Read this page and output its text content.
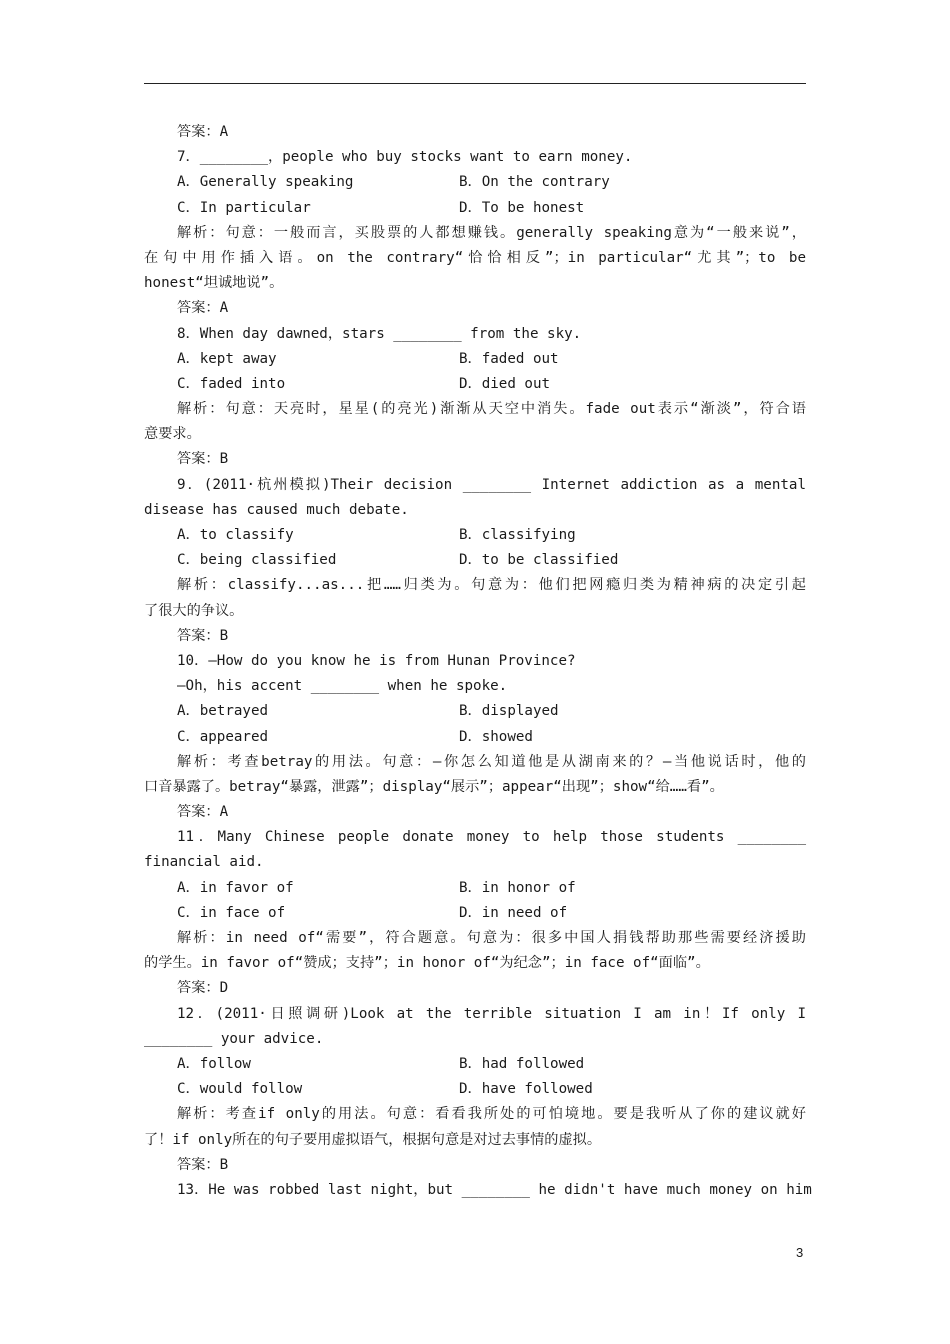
答案：A
7．________，people who buy stocks want to earn money.
A．Generally speaking	B．On the contrary
C．In particular	D．To be honest
解析：句意：一般而言，买股票的人都想赚钱。generally speaking意为“一般来说”，
在句中用作插入语。on the contrary“恰恰相反”；in particular“尤其”；to be
honest“坦诚地说”。
答案：A
8．When day dawned，stars ________ from the sky.
A．kept away	B．faded out
C．faded into	D．died out
解析：句意：天亮时，星星(的亮光)渐渐从天空中消失。fade out表示“渐淡”，符合语
意要求。
答案：B
9．(2011·杭州模拟)Their decision ________ Internet addiction as a mental
disease has caused much debate.
A．to classify	B．classifying
C．being classified	D．to be classified
解析：classify...as...把……归类为。句意为：他们把网瘾归类为精神病的决定引起
了很大的争议。
答案：B
10．—How do you know he is from Hunan Province?
—Oh，his accent ________ when he spoke.
A．betrayed	B．displayed
C．appeared	D．showed
解析：考查betray的用法。句意：—你怎么知道他是从湖南来的？—当他说话时，他的
口音暴露了。betray“暴露，泄露”；display“展示”；appear“出现”；show“给……看”。
答案：A
11．Many Chinese people donate money to help those students ________
financial aid.
A．in favor of	B．in honor of
C．in face of	D．in need of
解析：in need of“需要”，符合题意。句意为：很多中国人捐钱帮助那些需要经济援助
的学生。in favor of“赞成；支持”；in honor of“为纪念”；in face of“面临”。
答案：D
12．(2011·日照调研)Look at the terrible situation I am in！If only I
________ your advice.
A．follow	B．had followed
C．would follow	D．have followed
解析：考查if only的用法。句意：看看我所处的可怕境地。要是我听从了你的建议就好
了！if only所在的句子要用虚拟语气，根据句意是对过去事情的虚拟。
答案：B
13．He was robbed last night，but ________ he didn't have much money on him
3
